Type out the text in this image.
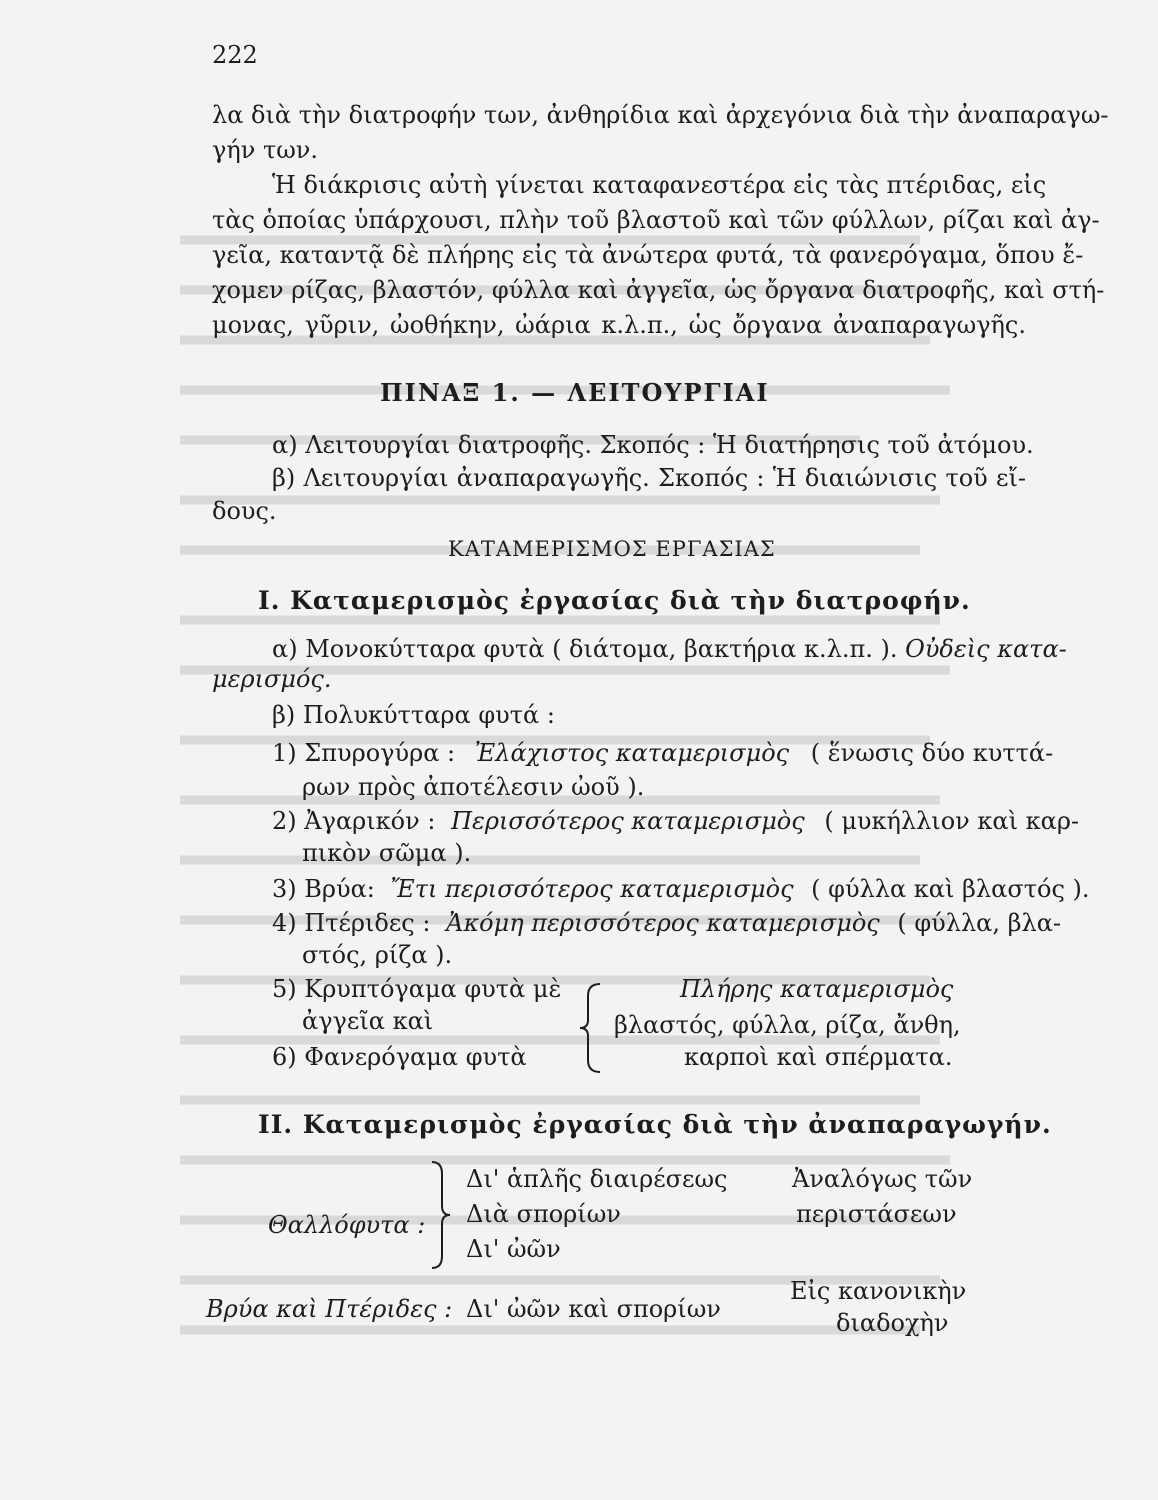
222
λα διὰ τὴν διατροφήν των, ἀνθηρίδια καὶ ἀρχεγόνια διὰ τὴν ἀναπαραγω-
γήν των.
Ἡ διάκρισις αὐτὴ γίνεται καταφανεστέρα εἰς τὰς πτέριδας, εἰς
τὰς ὁποίας ὑπάρχουσι, πλὴν τοῦ βλαστοῦ καὶ τῶν φύλλων, ρίζαι καὶ ἀγ-
γεῖα, καταντᾷ δὲ πλήρης εἰς τὰ ἀνώτερα φυτά, τὰ φανερόγαμα, ὅπου ἔ-
χομεν ρίζας, βλαστόν, φύλλα καὶ ἀγγεῖα, ὡς ὄργανα διατροφῆς, καὶ στή-
μονας, γῦριν, ὠοθήκην, ὠάρια κ.λ.π., ὡς ὄργανα ἀναπαραγωγῆς.
ΠΙΝΑΞ 1. — ΛΕΙΤΟΥΡΓΙΑΙ
α) Λειτουργίαι διατροφῆς. Σκοπός : Ἡ διατήρησις τοῦ ἀτόμου.
β) Λειτουργίαι ἀναπαραγωγῆς. Σκοπός : Ἡ διαιώνισις τοῦ εἴ-
δους.
ΚΑΤΑΜΕΡΙΣΜΟΣ ΕΡΓΑΣΙΑΣ
I. Καταμερισμὸς ἐργασίας διὰ τὴν διατροφήν.
α) Μονοκύτταρα φυτὰ ( διάτομα, βακτήρια κ.λ.π. ). Οὐδεὶς κατα-
μερισμός.
β) Πολυκύτταρα φυτά :
1) Σπυρογύρα : Ἐλάχιστος καταμερισμὸς ( ἕνωσις δύο κυττά-
ρων πρὸς ἀποτέλεσιν ὠοῦ ).
2) Ἀγαρικόν : Περισσότερος καταμερισμὸς ( μυκήλλιον καὶ καρ-
πικὸν σῶμα ).
3) Βρύα: Ἔτι περισσότερος καταμερισμὸς ( φύλλα καὶ βλαστός ).
4) Πτέριδες : Ἀκόμη περισσότερος καταμερισμὸς ( φύλλα, βλα-
στός, ρίζα ).
5) Κρυπτόγαμα φυτὰ μὲ
ἀγγεῖα καὶ
6) Φανερόγαμα φυτὰ
Πλήρης καταμερισμὸς
βλαστός, φύλλα, ρίζα, ἄνθη,
καρποὶ καὶ σπέρματα.
II. Καταμερισμὸς ἐργασίας διὰ τὴν ἀναπαραγωγήν.
Θαλλόφυτα :
Δι' ἁπλῆς διαιρέσεως
Διὰ σπορίων
Δι' ὠῶν
Ἀναλόγως τῶν
περιστάσεων
Βρύα καὶ Πτέριδες : Δι' ὠῶν καὶ σπορίων
Εἰς κανονικὴν
διαδοχὴν
